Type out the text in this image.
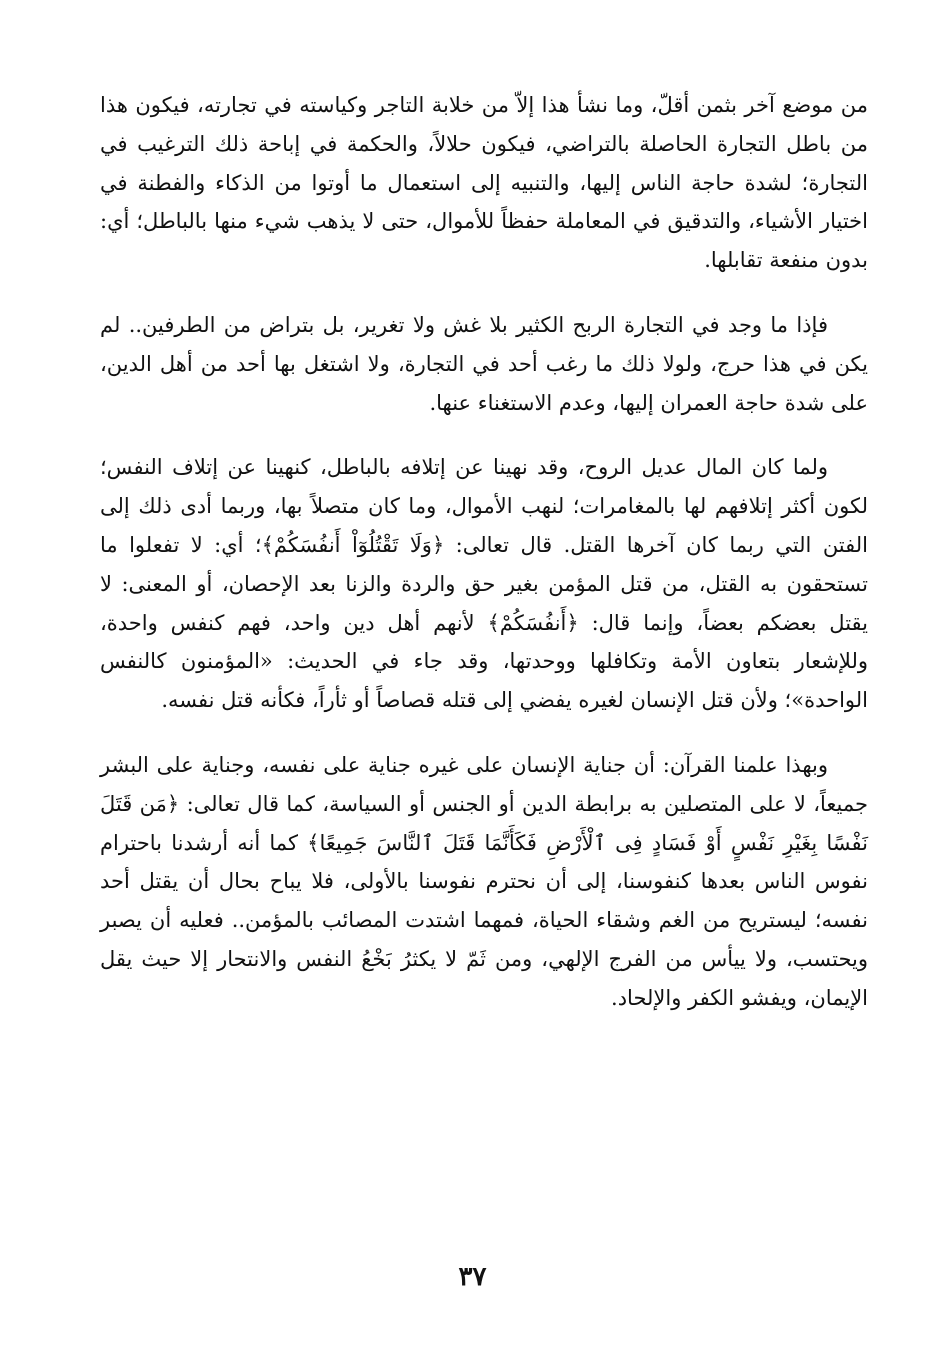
من موضع آخر بثمن أقلّ، وما نشأ هذا إلاّ من خلابة التاجر وكياسته في تجارته، فيكون هذا من باطل التجارة الحاصلة بالتراضي، فيكون حلالاً، والحكمة في إباحة ذلك الترغيب في التجارة؛ لشدة حاجة الناس إليها، والتنبيه إلى استعمال ما أوتوا من الذكاء والفطنة في اختيار الأشياء، والتدقيق في المعاملة حفظاً للأموال، حتى لا يذهب شيء منها بالباطل؛ أي: بدون منفعة تقابلها.

فإذا ما وجد في التجارة الربح الكثير بلا غش ولا تغرير، بل بتراض من الطرفين.. لم يكن في هذا حرج، ولولا ذلك ما رغب أحد في التجارة، ولا اشتغل بها أحد من أهل الدين، على شدة حاجة العمران إليها، وعدم الاستغناء عنها.

ولما كان المال عديل الروح، وقد نهينا عن إتلافه بالباطل، كنهينا عن إتلاف النفس؛ لكون أكثر إتلافهم لها بالمغامرات؛ لنهب الأموال، وما كان متصلاً بها، وربما أدى ذلك إلى الفتن التي ربما كان آخرها القتل. قال تعالى: ﴿وَلَا تَقْتُلُوٓاْ أَنفُسَكُمْ﴾؛ أي: لا تفعلوا ما تستحقون به القتل، من قتل المؤمن بغير حق والردة والزنا بعد الإحصان، أو المعنى: لا يقتل بعضكم بعضاً، وإنما قال: ﴿أَنفُسَكُمْ﴾ لأنهم أهل دين واحد، فهم كنفس واحدة، وللإشعار بتعاون الأمة وتكافلها ووحدتها، وقد جاء في الحديث: «المؤمنون كالنفس الواحدة»؛ ولأن قتل الإنسان لغيره يفضي إلى قتله قصاصاً أو ثأراً، فكأنه قتل نفسه.

وبهذا علمنا القرآن: أن جناية الإنسان على غيره جناية على نفسه، وجناية على البشر جميعاً، لا على المتصلين به برابطة الدين أو الجنس أو السياسة، كما قال تعالى: ﴿مَن قَتَلَ نَفْسًا بِغَيْرِ نَفْسٍ أَوْ فَسَادٍ فِى ٱلْأَرْضِ فَكَأَنَّمَا قَتَلَ ٱلنَّاسَ جَمِيعًا﴾ كما أنه أرشدنا باحترام نفوس الناس بعدها كنفوسنا، إلى أن نحترم نفوسنا بالأولى، فلا يباح بحال أن يقتل أحد نفسه؛ ليستريح من الغم وشقاء الحياة، فمهما اشتدت المصائب بالمؤمن.. فعليه أن يصبر ويحتسب، ولا ييأس من الفرج الإلهي، ومن ثَمّ لا يكثرُ بَخْعُ النفس والانتحار إلا حيث يقل الإيمان، ويفشو الكفر والإلحاد.

٣٧
